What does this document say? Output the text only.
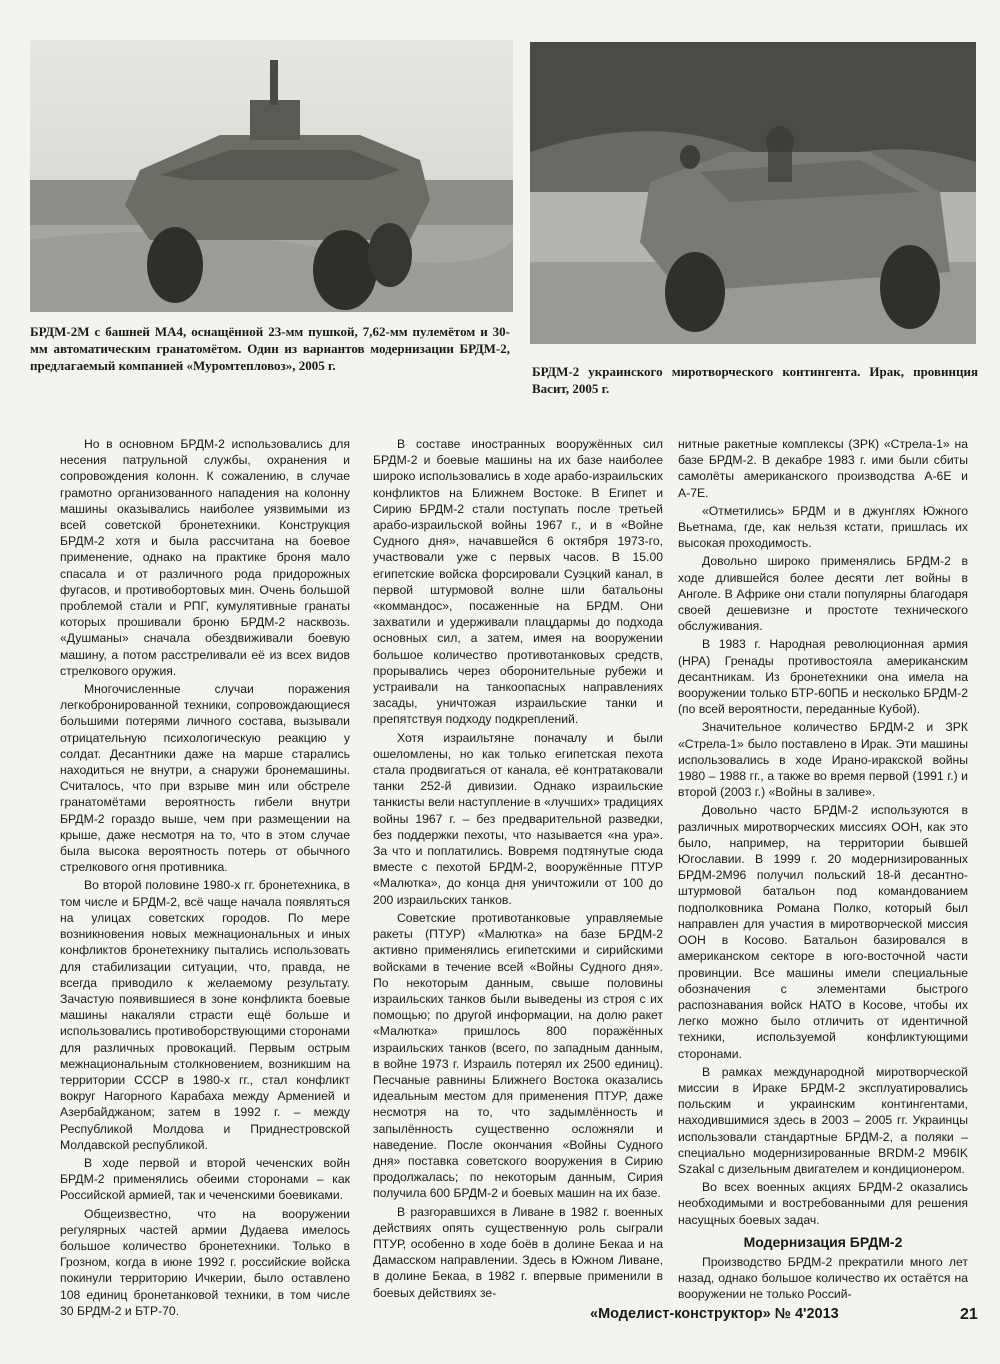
БРДМ-2М с башней МА4, оснащённой 23-мм пушкой, 7,62-мм пулемётом и 30-мм автоматическим гранатомётом. Один из вариантов модернизации БРДМ-2, предлагаемый компанией «Муромтепловоз», 2005 г.	БРДМ-2 украинского миротворческого контингента. Ирак, провинция Васит, 2005 г.

Но в основном БРДМ-2 использовались для несения патрульной службы, охранения и сопровождения колонн. К сожалению, в случае грамотно организованного нападения на колонну машины оказывались наиболее уязвимыми из всей советской бронетехники. Конструкция БРДМ-2 хотя и была рассчитана на боевое применение, однако на практике броня мало спасала и от различного рода придорожных фугасов, и противобортовых мин. Очень большой проблемой стали и РПГ, кумулятивные гранаты которых прошивали броню БРДМ-2 насквозь. «Душманы» сначала обездвиживали боевую машину, а потом расстреливали её из всех видов стрелкового оружия.

Многочисленные случаи поражения легкобронированной техники, сопровождающиеся большими потерями личного состава, вызывали отрицательную психологическую реакцию у солдат. Десантники даже на марше старались находиться не внутри, а снаружи бронемашины. Считалось, что при взрыве мин или обстреле гранатомётами вероятность гибели внутри БРДМ-2 гораздо выше, чем при размещении на крыше, даже несмотря на то, что в этом случае была высока вероятность потерь от обычного стрелкового огня противника.

Во второй половине 1980-х гг. бронетехника, в том числе и БРДМ-2, всё чаще начала появляться на улицах советских городов. По мере возникновения новых межнациональных и иных конфликтов бронетехнику пытались использовать для стабилизации ситуации, что, правда, не всегда приводило к желаемому результату. Зачастую появившиеся в зоне конфликта боевые машины накаляли страсти ещё больше и использовались противоборствующими сторонами для различных провокаций. Первым острым межнациональным столкновением, возникшим на территории СССР в 1980-х гг., стал конфликт вокруг Нагорного Карабаха между Арменией и Азербайджаном; затем в 1992 г. – между Республикой Молдова и Приднестровской Молдавской республикой.

В ходе первой и второй чеченских войн БРДМ-2 применялись обеими сторонами – как Российской армией, так и чеченскими боевиками.

Общеизвестно, что на вооружении регулярных частей армии Дудаева имелось большое количество бронетехники. Только в Грозном, когда в июне 1992 г. российские войска покинули территорию Ичкерии, было оставлено 108 единиц бронетанковой техники, в том числе 30 БРДМ-2 и БТР-70.

В составе иностранных вооружённых сил БРДМ-2 и боевые машины на их базе наиболее широко использовались в ходе арабо-израильских конфликтов на Ближнем Востоке. В Египет и Сирию БРДМ-2 стали поступать после третьей арабо-израильской войны 1967 г., и в «Войне Судного дня», начавшейся 6 октября 1973-го, участвовали уже с первых часов. В 15.00 египетские войска форсировали Суэцкий канал, в первой штурмовой волне шли батальоны «коммандос», посаженные на БРДМ. Они захватили и удерживали плацдармы до подхода основных сил, а затем, имея на вооружении большое количество противотанковых средств, прорывались через оборонительные рубежи и устраивали на танкоопасных направлениях засады, уничтожая израильские танки и препятствуя подходу подкреплений.

Хотя израильтяне поначалу и были ошеломлены, но как только египетская пехота стала продвигаться от канала, её контратаковали танки 252-й дивизии. Однако израильские танкисты вели наступление в «лучших» традициях войны 1967 г. – без предварительной разведки, без поддержки пехоты, что называется «на ура». За что и поплатились. Вовремя подтянутые сюда вместе с пехотой БРДМ-2, вооружённые ПТУР «Малютка», до конца дня уничтожили от 100 до 200 израильских танков.

Советские противотанковые управляемые ракеты (ПТУР) «Малютка» на базе БРДМ-2 активно применялись египетскими и сирийскими войсками в течение всей «Войны Судного дня». По некоторым данным, свыше половины израильских танков были выведены из строя с их помощью; по другой информации, на долю ракет «Малютка» пришлось 800 поражённых израильских танков (всего, по западным данным, в войне 1973 г. Израиль потерял их 2500 единиц). Песчаные равнины Ближнего Востока оказались идеальным местом для применения ПТУР, даже несмотря на то, что задымлённость и запылённость существенно осложняли и наведение. После окончания «Войны Судного дня» поставка советского вооружения в Сирию продолжалась; по некоторым данным, Сирия получила 600 БРДМ-2 и боевых машин на их базе.

В разгоравшихся в Ливане в 1982 г. военных действиях опять существенную роль сыграли ПТУР, особенно в ходе боёв в долине Бекаа и на Дамасском направлении. Здесь в Южном Ливане, в долине Бекаа, в 1982 г. впервые применили в боевых действиях зе-

нитные ракетные комплексы (ЗРК) «Стрела-1» на базе БРДМ-2. В декабре 1983 г. ими были сбиты самолёты американского производства А-6Е и А-7Е.

«Отметились» БРДМ и в джунглях Южного Вьетнама, где, как нельзя кстати, пришлась их высокая проходимость.

Довольно широко применялись БРДМ-2 в ходе длившейся более десяти лет войны в Анголе. В Африке они стали популярны благодаря своей дешевизне и простоте технического обслуживания.

В 1983 г. Народная революционная армия (НРА) Гренады противостояла американским десантникам. Из бронетехники она имела на вооружении только БТР-60ПБ и несколько БРДМ-2 (по всей вероятности, переданные Кубой).

Значительное количество БРДМ-2 и ЗРК «Стрела-1» было поставлено в Ирак. Эти машины использовались в ходе Ирано-иракской войны 1980 – 1988 гг., а также во время первой (1991 г.) и второй (2003 г.) «Войны в заливе».

Довольно часто БРДМ-2 используются в различных миротворческих миссиях ООН, как это было, например, на территории бывшей Югославии. В 1999 г. 20 модернизированных БРДМ-2М96 получил польский 18-й десантно-штурмовой батальон под командованием подполковника Романа Полко, который был направлен для участия в миротворческой миссия ООН в Косово. Батальон базировался в американском секторе в юго-восточной части провинции. Все машины имели специальные обозначения с элементами быстрого распознавания войск НАТО в Косове, чтобы их легко можно было отличить от идентичной техники, используемой конфликтующими сторонами.

В рамках международной миротворческой миссии в Ираке БРДМ-2 эксплуатировались польским и украинским контингентами, находившимися здесь в 2003 – 2005 гг. Украинцы использовали стандартные БРДМ-2, а поляки – специально модернизированные BRDM-2 M96IK Szakal с дизельным двигателем и кондиционером.

Во всех военных акциях БРДМ-2 оказались необходимыми и востребованными для решения насущных боевых задач.

Модернизация БРДМ-2

Производство БРДМ-2 прекратили много лет назад, однако большое количество их остаётся на вооружении не только Россий-

«Моделист-конструктор» № 4'2013	21
